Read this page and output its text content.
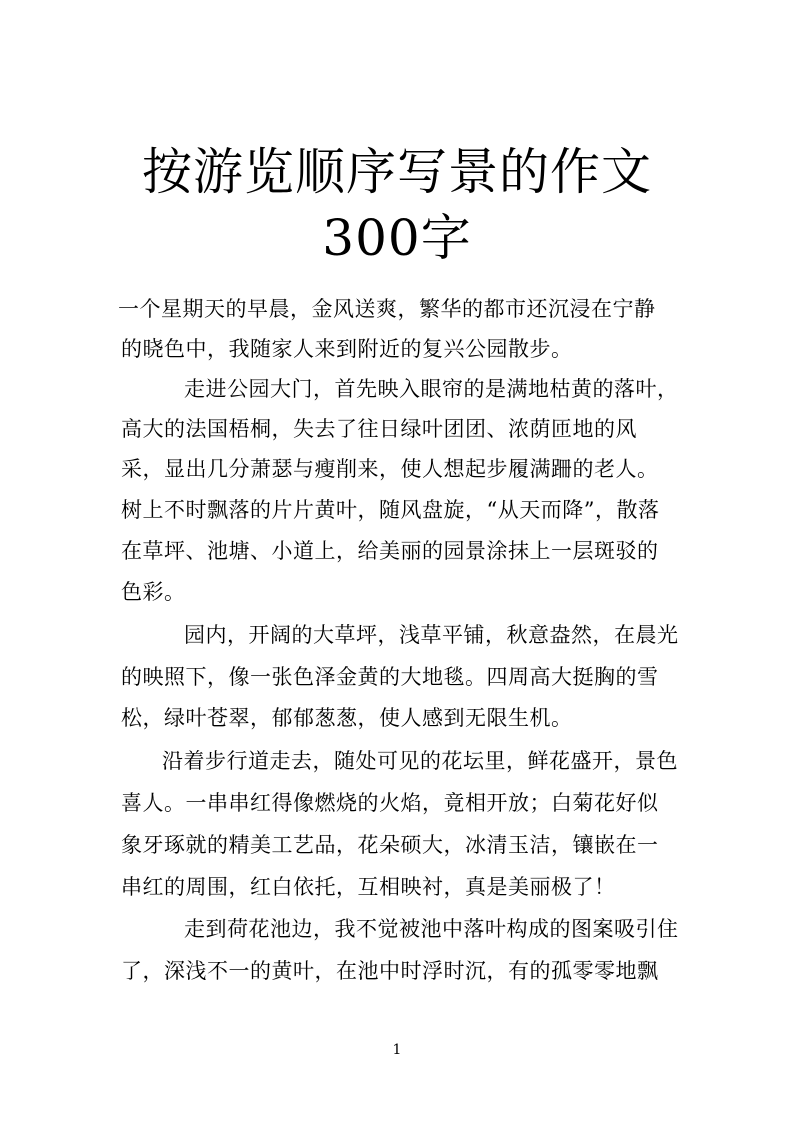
按游览顺序写景的作文
300字
一个星期天的早晨，金风送爽，繁华的都市还沉浸在宁静
的晓色中，我随家人来到附近的复兴公园散步。
走进公园大门，首先映入眼帘的是满地枯黄的落叶，
高大的法国梧桐，失去了往日绿叶团团、浓荫匝地的风
采，显出几分萧瑟与瘦削来，使人想起步履满跚的老人。
树上不时飘落的片片黄叶，随风盘旋，“从天而降”，散落
在草坪、池塘、小道上，给美丽的园景涂抹上一层斑驳的
色彩。
园内，开阔的大草坪，浅草平铺，秋意盎然，在晨光
的映照下，像一张色泽金黄的大地毯。四周高大挺胸的雪
松，绿叶苍翠，郁郁葱葱，使人感到无限生机。
沿着步行道走去，随处可见的花坛里，鲜花盛开，景色
喜人。一串串红得像燃烧的火焰，竟相开放；白菊花好似
象牙琢就的精美工艺品，花朵硕大，冰清玉洁，镶嵌在一
串红的周围，红白依托，互相映衬，真是美丽极了！
走到荷花池边，我不觉被池中落叶构成的图案吸引住
了，深浅不一的黄叶，在池中时浮时沉，有的孤零零地飘
1
